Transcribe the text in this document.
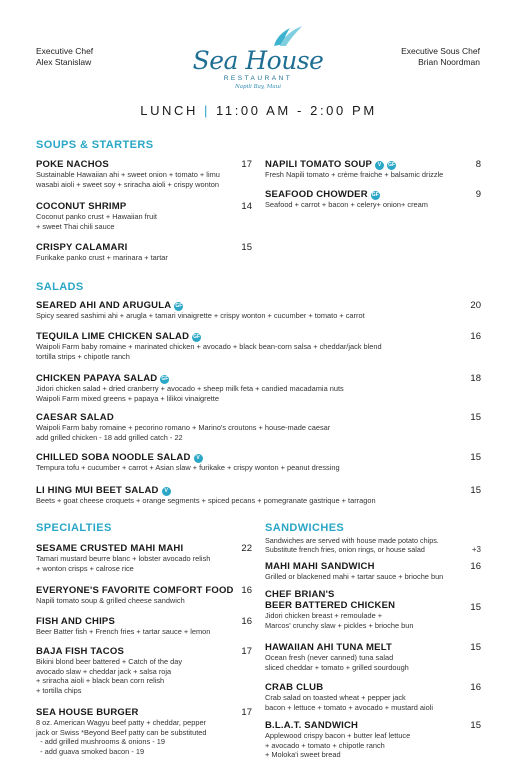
Executive Chef
Alex Stanislaw	Sea House
RESTAURANT
Napili Bay, Maui
Executive Sous Chef
Brian Noordman
LUNCH | 11:00 AM - 2:00 PM
SOUPS & STARTERS
POKE NACHOS
Sustainable Hawaiian ahi + sweet onion + tomato + limu
wasabi aioli + sweet soy + sriracha aioli + crispy wonton
17
COCONUT SHRIMP
Coconut panko crust + Hawaiian fruit
+ sweet Thai chili sauce
14
CRISPY CALAMARI
Furikake panko crust + marinara + tartar
15
NAPILI TOMATO SOUP V GF
Fresh Napili tomato + crème fraiche + balsamic drizzle
8
SEAFOOD CHOWDER GF
Seafood + carrot + bacon + celery+ onion+ cream
9
SALADS
SEARED AHI AND ARUGULA GF
Spicy seared sashimi ahi + arugla + tamari vinaigrette + crispy wonton + cucumber + tomato + carrot
20
TEQUILA LIME CHICKEN SALAD GF
Waipoli Farm baby romaine + marinated chicken + avocado + black bean-corn salsa + cheddar/jack blend
tortilla strips + chipotle ranch
16
CHICKEN PAPAYA SALAD GF
Jidori chicken salad + dried cranberry + avocado + sheep milk feta + candied macadamia nuts
Waipoli Farm mixed greens + papaya + lilikoi vinaigrette
18
CAESAR SALAD
Waipoli Farm baby romaine + pecorino romano + Marino's croutons + house-made caesar
add grilled chicken - 18 add grilled catch - 22
15
CHILLED SOBA NOODLE SALAD V
Tempura tofu + cucumber + carrot + Asian slaw + furikake + crispy wonton + peanut dressing
15
LI HING MUI BEET SALAD V
Beets + goat cheese croquets + orange segments + spiced pecans + pomegranate gastrique + tarragon
15
SPECIALTIES
SESAME CRUSTED MAHI MAHI
Tamari mustard beurre blanc + lobster avocado relish
+ wonton crisps + calrose rice
22
EVERYONE'S FAVORITE COMFORT FOOD
Napili tomato soup & grilled cheese sandwich
16
FISH AND CHIPS
Beer Batter fish + French fries + tartar sauce + lemon
16
BAJA FISH TACOS
Bikini blond beer battered + Catch of the day
avocado slaw + cheddar jack + salsa roja
+ sriracha aioli + black bean corn relish
+ tortilla chips
17
SEA HOUSE BURGER
8 oz. American Wagyu beef patty + cheddar, pepper
jack or Swiss *Beyond Beef patty can be substituted
- add grilled mushrooms & onions - 19
- add guava smoked bacon - 19
17
SANDWICHES
Sandwiches are served with house made potato chips.
Substitute french fries, onion rings, or house salad	+3
MAHI MAHI SANDWICH
Grilled or blackened mahi + tartar sauce + brioche bun
16
CHEF BRIAN'S
BEER BATTERED CHICKEN
Jidori chicken breast + remoulade +
Marcos' crunchy slaw + pickles + brioche bun
15
HAWAIIAN AHI TUNA MELT
Ocean fresh (never canned) tuna salad
sliced cheddar + tomato + grilled sourdough
15
CRAB CLUB
Crab salad on toasted wheat + pepper jack
bacon + lettuce + tomato + avocado + mustard aioli
16
B.L.A.T. SANDWICH
Applewood crispy bacon + butter leaf lettuce
+ avocado + tomato + chipotle ranch
+ Moloka'i sweet bread
15
